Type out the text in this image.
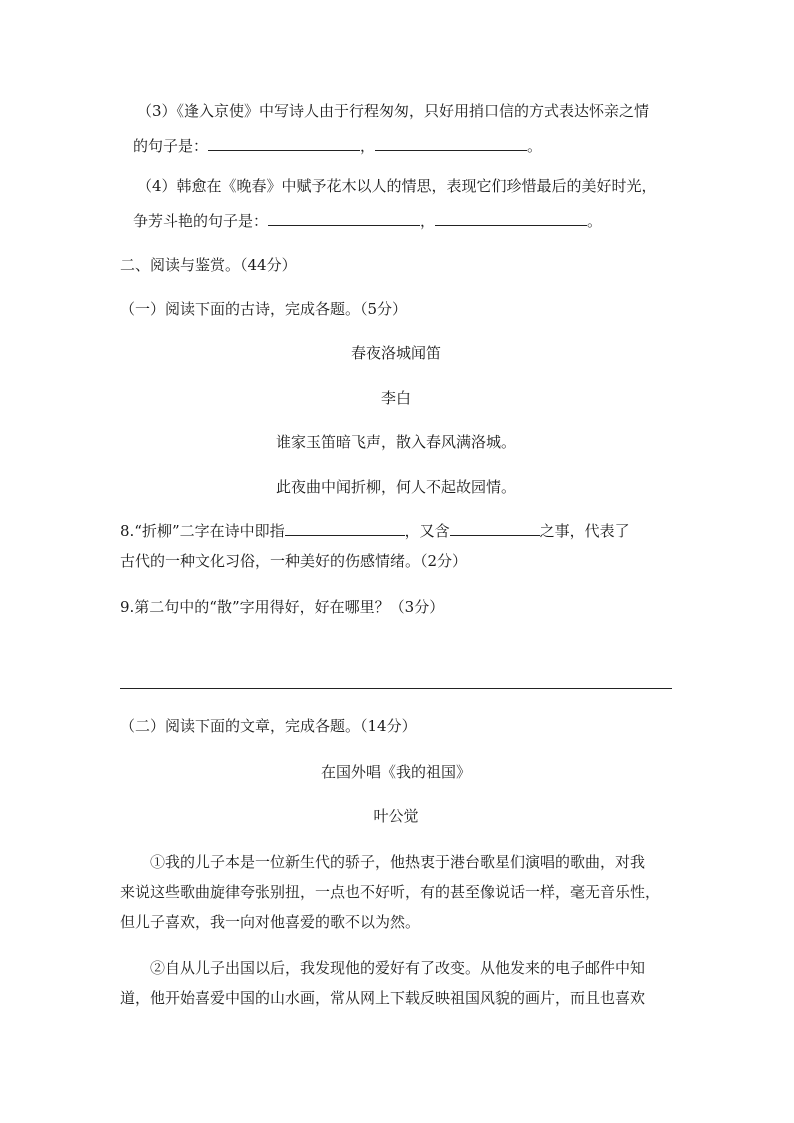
（3）《逢入京使》中写诗人由于行程匆匆，只好用捎口信的方式表达怀亲之情
的句子是：	，	。
（4）韩愈在《晚春》中赋予花木以人的情思，表现它们珍惜最后的美好时光，
争芳斗艳的句子是：	，	。
二、阅读与鉴赏。（44分）
（一）阅读下面的古诗，完成各题。（5分）
春夜洛城闻笛
李白
谁家玉笛暗飞声，散入春风满洛城。
此夜曲中闻折柳，何人不起故园情。
8.“折柳”二字在诗中即指	，又含	之事，代表了
古代的一种文化习俗，一种美好的伤感情绪。（2分）
9.第二句中的“散”字用得好，好在哪里？（3分）
（二）阅读下面的文章，完成各题。（14分）
在国外唱《我的祖国》
叶公觉
①我的儿子本是一位新生代的骄子，他热衷于港台歌星们演唱的歌曲，对我
来说这些歌曲旋律夸张别扭，一点也不好听，有的甚至像说话一样，毫无音乐性，
但儿子喜欢，我一向对他喜爱的歌不以为然。
②自从儿子出国以后，我发现他的爱好有了改变。从他发来的电子邮件中知
道，他开始喜爱中国的山水画，常从网上下载反映祖国风貌的画片，而且也喜欢
